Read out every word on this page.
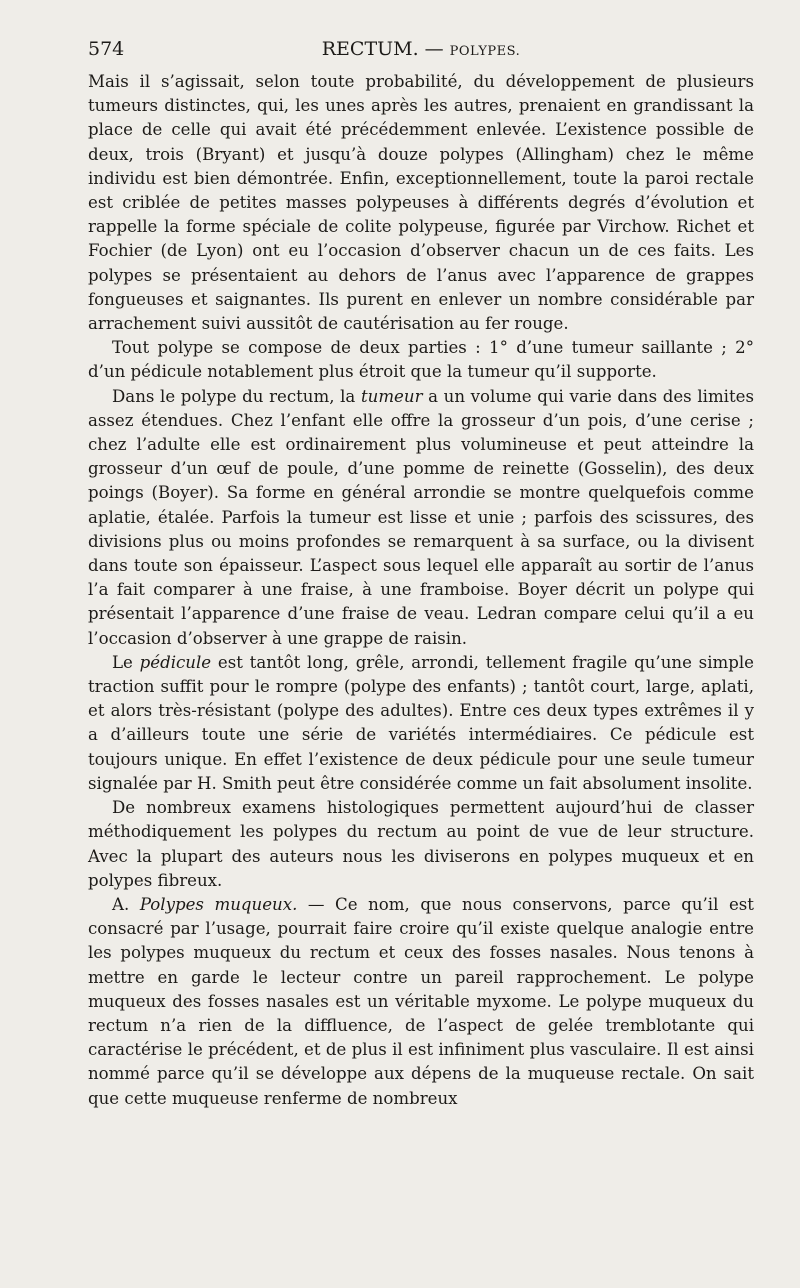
574	RECTUM. — POLYPES.

Mais il s’agissait, selon toute probabilité, du développement de plusieurs tumeurs distinctes, qui, les unes après les autres, prenaient en grandissant la place de celle qui avait été précédemment enlevée. L’existence possible de deux, trois (Bryant) et jusqu’à douze polypes (Allingham) chez le même individu est bien démontrée. Enfin, exceptionnellement, toute la paroi rectale est criblée de petites masses polypeuses à différents degrés d’évolution et rappelle la forme spéciale de colite polypeuse, figurée par Virchow. Richet et Fochier (de Lyon) ont eu l’occasion d’observer chacun un de ces faits. Les polypes se présentaient au dehors de l’anus avec l’apparence de grappes fongueuses et saignantes. Ils purent en enlever un nombre considérable par arrachement suivi aussitôt de cautérisation au fer rouge.

Tout polype se compose de deux parties : 1° d’une tumeur saillante ; 2° d’un pédicule notablement plus étroit que la tumeur qu’il supporte.

Dans le polype du rectum, la tumeur a un volume qui varie dans des limites assez étendues. Chez l’enfant elle offre la grosseur d’un pois, d’une cerise ; chez l’adulte elle est ordinairement plus volumineuse et peut atteindre la grosseur d’un œuf de poule, d’une pomme de reinette (Gosselin), des deux poings (Boyer). Sa forme en général arrondie se montre quelquefois comme aplatie, étalée. Parfois la tumeur est lisse et unie ; parfois des scissures, des divisions plus ou moins profondes se remarquent à sa surface, ou la divisent dans toute son épaisseur. L’aspect sous lequel elle apparaît au sortir de l’anus l’a fait comparer à une fraise, à une framboise. Boyer décrit un polype qui présentait l’apparence d’une fraise de veau. Ledran compare celui qu’il a eu l’occasion d’observer à une grappe de raisin.

Le pédicule est tantôt long, grêle, arrondi, tellement fragile qu’une simple traction suffit pour le rompre (polype des enfants) ; tantôt court, large, aplati, et alors très-résistant (polype des adultes). Entre ces deux types extrêmes il y a d’ailleurs toute une série de variétés intermédiaires. Ce pédicule est toujours unique. En effet l’existence de deux pédicule pour une seule tumeur signalée par H. Smith peut être considérée comme un fait absolument insolite.

De nombreux examens histologiques permettent aujourd’hui de classer méthodiquement les polypes du rectum au point de vue de leur structure. Avec la plupart des auteurs nous les diviserons en polypes muqueux et en polypes fibreux.

A. Polypes muqueux. — Ce nom, que nous conservons, parce qu’il est consacré par l’usage, pourrait faire croire qu’il existe quelque analogie entre les polypes muqueux du rectum et ceux des fosses nasales. Nous tenons à mettre en garde le lecteur contre un pareil rapprochement. Le polype muqueux des fosses nasales est un véritable myxome. Le polype muqueux du rectum n’a rien de la diffluence, de l’aspect de gelée tremblotante qui caractérise le précédent, et de plus il est infiniment plus vasculaire. Il est ainsi nommé parce qu’il se développe aux dépens de la muqueuse rectale. On sait que cette muqueuse renferme de nombreux
